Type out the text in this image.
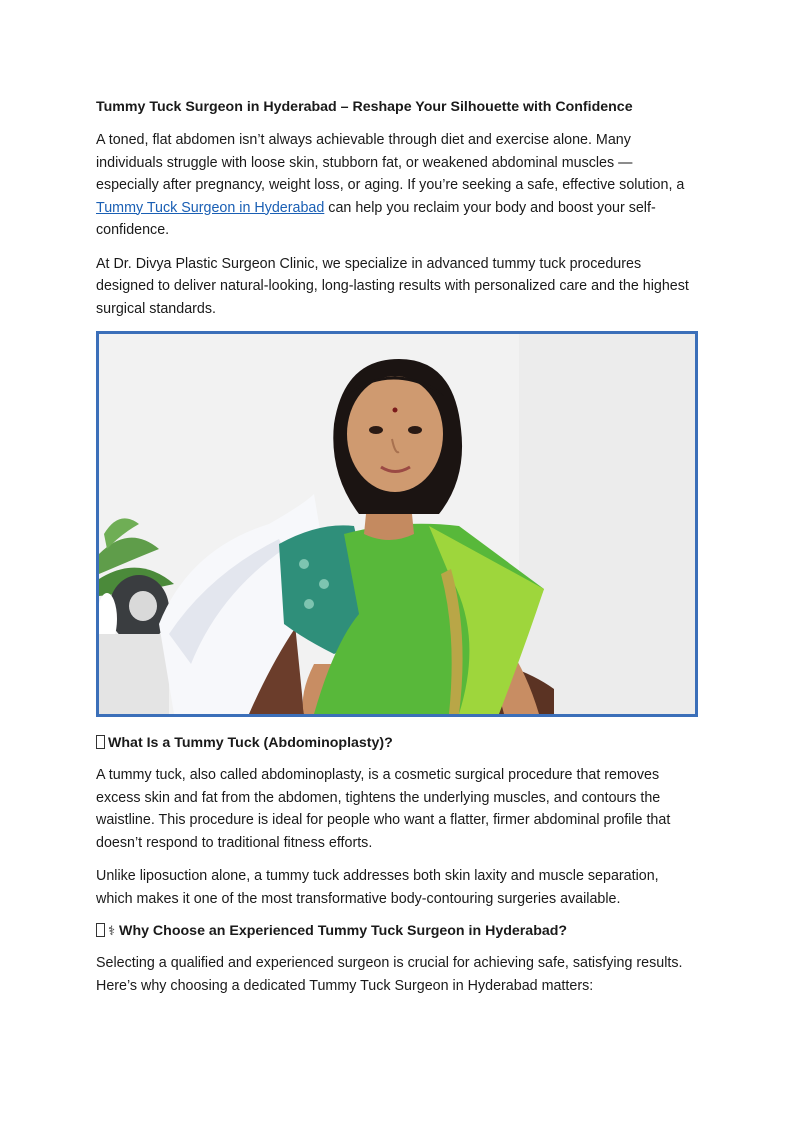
Tummy Tuck Surgeon in Hyderabad – Reshape Your Silhouette with Confidence

A toned, flat abdomen isn’t always achievable through diet and exercise alone. Many individuals struggle with loose skin, stubborn fat, or weakened abdominal muscles — especially after pregnancy, weight loss, or aging. If you’re seeking a safe, effective solution, a Tummy Tuck Surgeon in Hyderabad can help you reclaim your body and boost your self-confidence.

At Dr. Divya Plastic Surgeon Clinic, we specialize in advanced tummy tuck procedures designed to deliver natural-looking, long-lasting results with personalized care and the highest surgical standards.

What Is a Tummy Tuck (Abdominoplasty)?

A tummy tuck, also called abdominoplasty, is a cosmetic surgical procedure that removes excess skin and fat from the abdomen, tightens the underlying muscles, and contours the waistline. This procedure is ideal for people who want a flatter, firmer abdominal profile that doesn’t respond to traditional fitness efforts.

Unlike liposuction alone, a tummy tuck addresses both skin laxity and muscle separation, which makes it one of the most transformative body-contouring surgeries available.

⚕ Why Choose an Experienced Tummy Tuck Surgeon in Hyderabad?

Selecting a qualified and experienced surgeon is crucial for achieving safe, satisfying results. Here’s why choosing a dedicated Tummy Tuck Surgeon in Hyderabad matters:
